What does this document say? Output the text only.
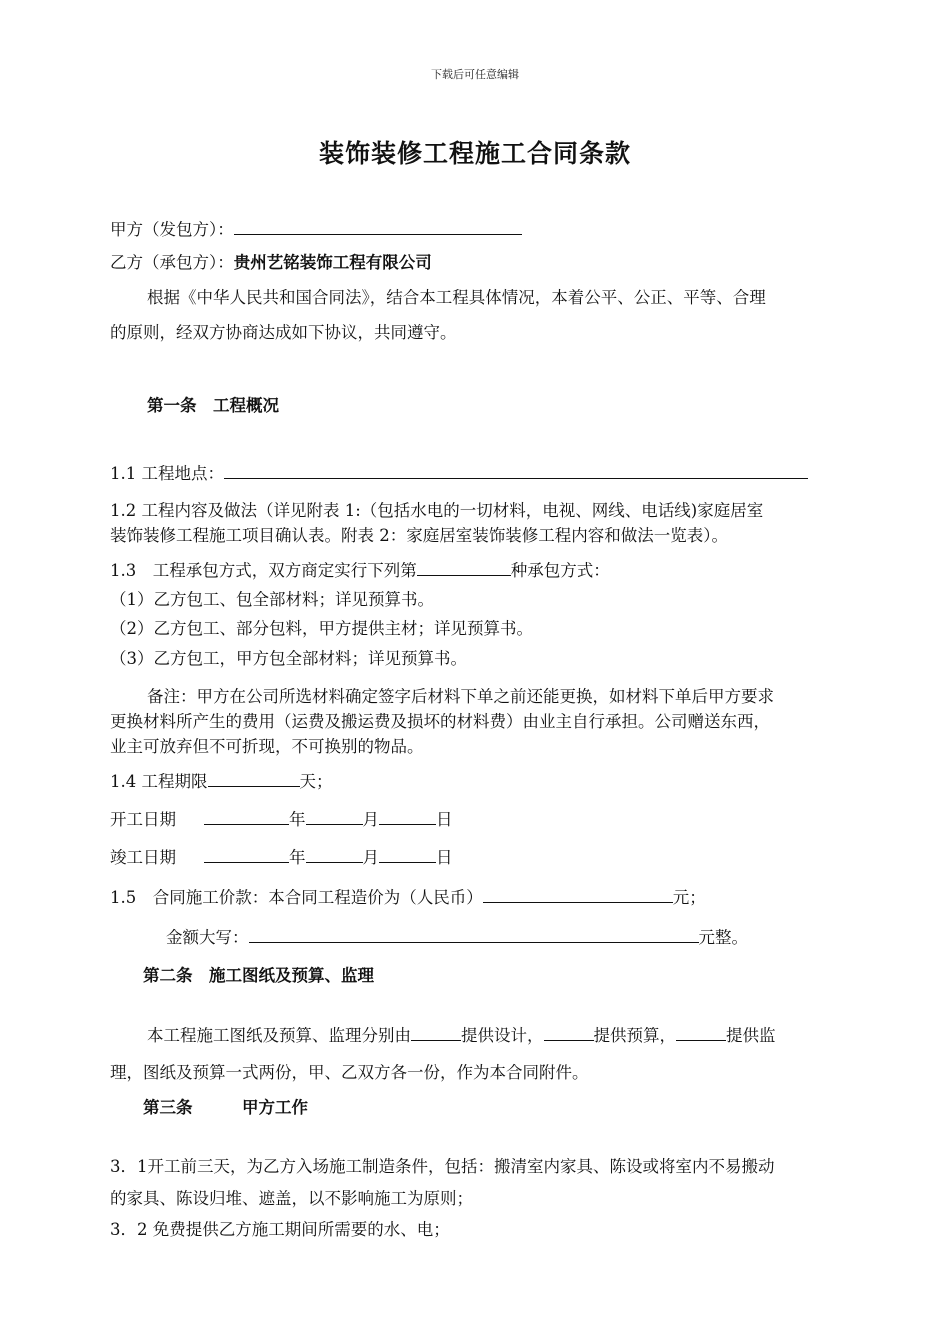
下载后可任意编辑
装饰装修工程施工合同条款
甲方（发包方）：
乙方（承包方）：贵州艺铭装饰工程有限公司
根据《中华人民共和国合同法》，结合本工程具体情况，本着公平、公正、平等、合理
的原则，经双方协商达成如下协议，共同遵守。
第一条　工程概况
1.1 工程地点：
1.2 工程内容及做法（详见附表 1:（包括水电的一切材料，电视、网线、电话线)家庭居室
装饰装修工程施工项目确认表。附表 2：家庭居室装饰装修工程内容和做法一览表）。
1.3　工程承包方式，双方商定实行下列第	种承包方式：
（1）乙方包工、包全部材料；详见预算书。
（2）乙方包工、部分包料，甲方提供主材；详见预算书。
（3）乙方包工，甲方包全部材料；详见预算书。
备注：甲方在公司所选材料确定签字后材料下单之前还能更换，如材料下单后甲方要求
更换材料所产生的费用（运费及搬运费及损坏的材料费）由业主自行承担。公司赠送东西，
业主可放弃但不可折现，不可换别的物品。
1.4 工程期限	天；
开工日期	年	月	日
竣工日期	年	月	日
1.5　合同施工价款：本合同工程造价为（人民币）	元；
金额大写：	元整。
第二条　施工图纸及预算、监理
本工程施工图纸及预算、监理分别由	提供设计，	提供预算，	提供监
理，图纸及预算一式两份，甲、乙双方各一份，作为本合同附件。
第三条　　　甲方工作
3．1开工前三天，为乙方入场施工制造条件，包括：搬清室内家具、陈设或将室内不易搬动
的家具、陈设归堆、遮盖，以不影响施工为原则；
3．2 免费提供乙方施工期间所需要的水、电；
